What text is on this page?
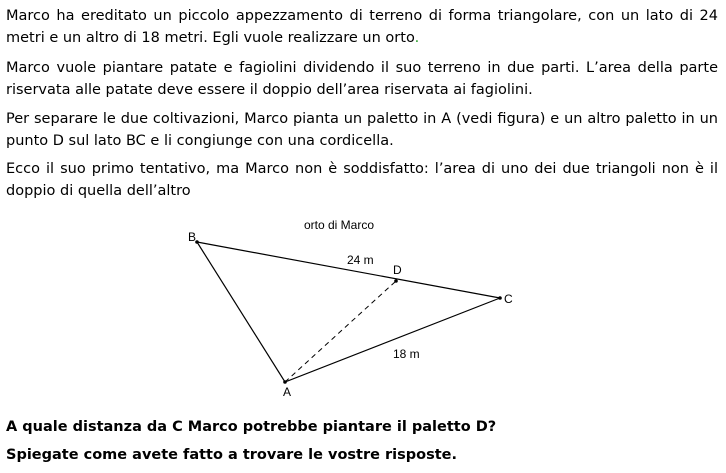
Marco ha ereditato un piccolo appezzamento di terreno di forma triangolare, con un lato di 24 metri e un altro di 18 metri. Egli vuole realizzare un orto.

Marco vuole piantare patate e fagiolini dividendo il suo terreno in due parti. L’area della parte riservata alle patate deve essere il doppio dell’area riservata ai fagiolini.

Per separare le due coltivazioni, Marco pianta un paletto in A (vedi figura) e un altro paletto in un punto D sul lato BC e li congiunge con una cordicella.

Ecco il suo primo tentativo, ma Marco non è soddisfatto: l’area di uno dei due triangoli non è il doppio di quella dell’altro

orto di Marco
B
C
A
D
24 m
18 m

A quale distanza da C Marco potrebbe piantare il paletto D?

Spiegate come avete fatto a trovare le vostre risposte.
